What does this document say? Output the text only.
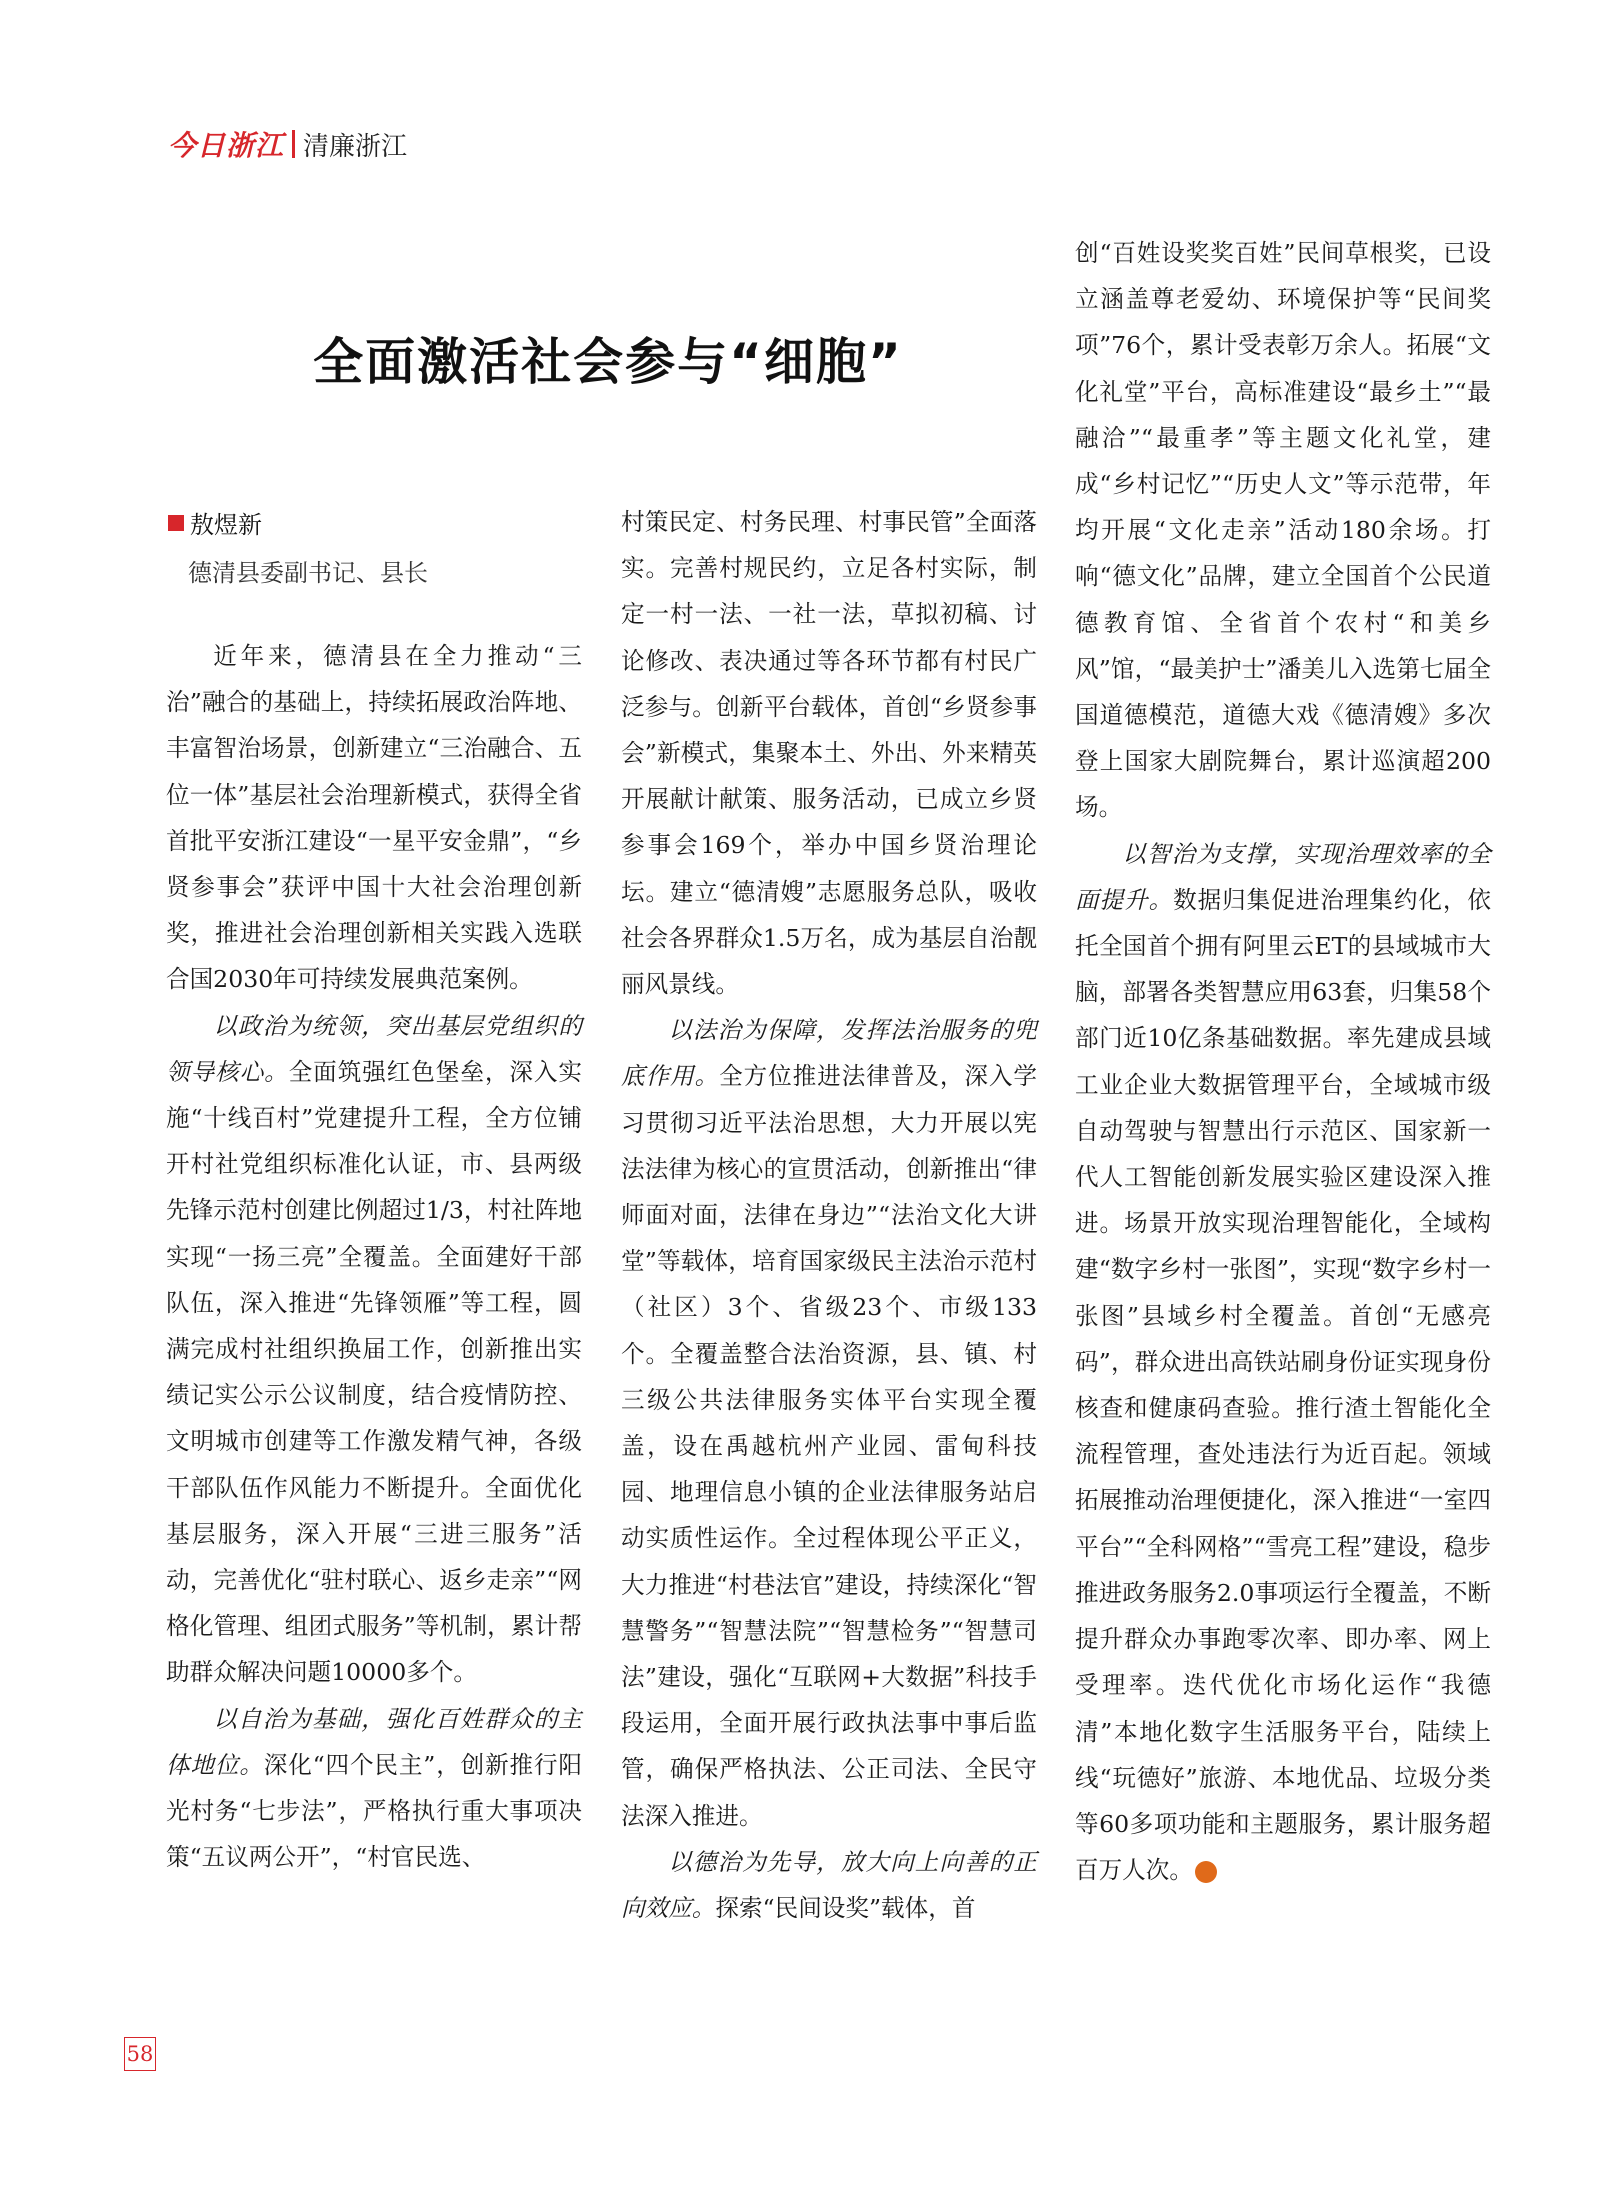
今日浙江 清廉浙江
全面激活社会参与“细胞”
敖煜新
德清县委副书记、县长

近年来，德清县在全力推动“三治”融合的基础上，持续拓展政治阵地、丰富智治场景，创新建立“三治融合、五位一体”基层社会治理新模式，获得全省首批平安浙江建设“一星平安金鼎”，“乡贤参事会”获评中国十大社会治理创新奖，推进社会治理创新相关实践入选联合国2030年可持续发展典范案例。

以政治为统领，突出基层党组织的领导核心。全面筑强红色堡垒，深入实施“十线百村”党建提升工程，全方位铺开村社党组织标准化认证，市、县两级先锋示范村创建比例超过1/3，村社阵地实现“一扬三亮”全覆盖。全面建好干部队伍，深入推进“先锋领雁”等工程，圆满完成村社组织换届工作，创新推出实绩记实公示公议制度，结合疫情防控、文明城市创建等工作激发精气神，各级干部队伍作风能力不断提升。全面优化基层服务，深入开展“三进三服务”活动，完善优化“驻村联心、返乡走亲”“网格化管理、组团式服务”等机制，累计帮助群众解决问题10000多个。

以自治为基础，强化百姓群众的主体地位。深化“四个民主”，创新推行阳光村务“七步法”，严格执行重大事项决策“五议两公开”，“村官民选、

村策民定、村务民理、村事民管”全面落实。完善村规民约，立足各村实际，制定一村一法、一社一法，草拟初稿、讨论修改、表决通过等各环节都有村民广泛参与。创新平台载体，首创“乡贤参事会”新模式，集聚本土、外出、外来精英开展献计献策、服务活动，已成立乡贤参事会169个，举办中国乡贤治理论坛。建立“德清嫂”志愿服务总队，吸收社会各界群众1.5万名，成为基层自治靓丽风景线。

以法治为保障，发挥法治服务的兜底作用。全方位推进法律普及，深入学习贯彻习近平法治思想，大力开展以宪法法律为核心的宣贯活动，创新推出“律师面对面，法律在身边”“法治文化大讲堂”等载体，培育国家级民主法治示范村（社区）3个、省级23个、市级133个。全覆盖整合法治资源，县、镇、村三级公共法律服务实体平台实现全覆盖，设在禹越杭州产业园、雷甸科技园、地理信息小镇的企业法律服务站启动实质性运作。全过程体现公平正义，大力推进“村巷法官”建设，持续深化“智慧警务”“智慧法院”“智慧检务”“智慧司法”建设，强化“互联网+大数据”科技手段运用，全面开展行政执法事中事后监管，确保严格执法、公正司法、全民守法深入推进。

以德治为先导，放大向上向善的正向效应。探索“民间设奖”载体，首

创“百姓设奖奖百姓”民间草根奖，已设立涵盖尊老爱幼、环境保护等“民间奖项”76个，累计受表彰万余人。拓展“文化礼堂”平台，高标准建设“最乡土”“最融洽”“最重孝”等主题文化礼堂，建成“乡村记忆”“历史人文”等示范带，年均开展“文化走亲”活动180余场。打响“德文化”品牌，建立全国首个公民道德教育馆、全省首个农村“和美乡风”馆，“最美护士”潘美儿入选第七届全国道德模范，道德大戏《德清嫂》多次登上国家大剧院舞台，累计巡演超200场。

以智治为支撑，实现治理效率的全面提升。数据归集促进治理集约化，依托全国首个拥有阿里云ET的县域城市大脑，部署各类智慧应用63套，归集58个部门近10亿条基础数据。率先建成县域工业企业大数据管理平台，全域城市级自动驾驶与智慧出行示范区、国家新一代人工智能创新发展实验区建设深入推进。场景开放实现治理智能化，全域构建“数字乡村一张图”，实现“数字乡村一张图”县域乡村全覆盖。首创“无感亮码”，群众进出高铁站刷身份证实现身份核查和健康码查验。推行渣土智能化全流程管理，查处违法行为近百起。领域拓展推动治理便捷化，深入推进“一室四平台”“全科网格”“雪亮工程”建设，稳步推进政务服务2.0事项运行全覆盖，不断提升群众办事跑零次率、即办率、网上受理率。迭代优化市场化运作“我德清”本地化数字生活服务平台，陆续上线“玩德好”旅游、本地优品、垃圾分类等60多项功能和主题服务，累计服务超百万人次。	今

58
